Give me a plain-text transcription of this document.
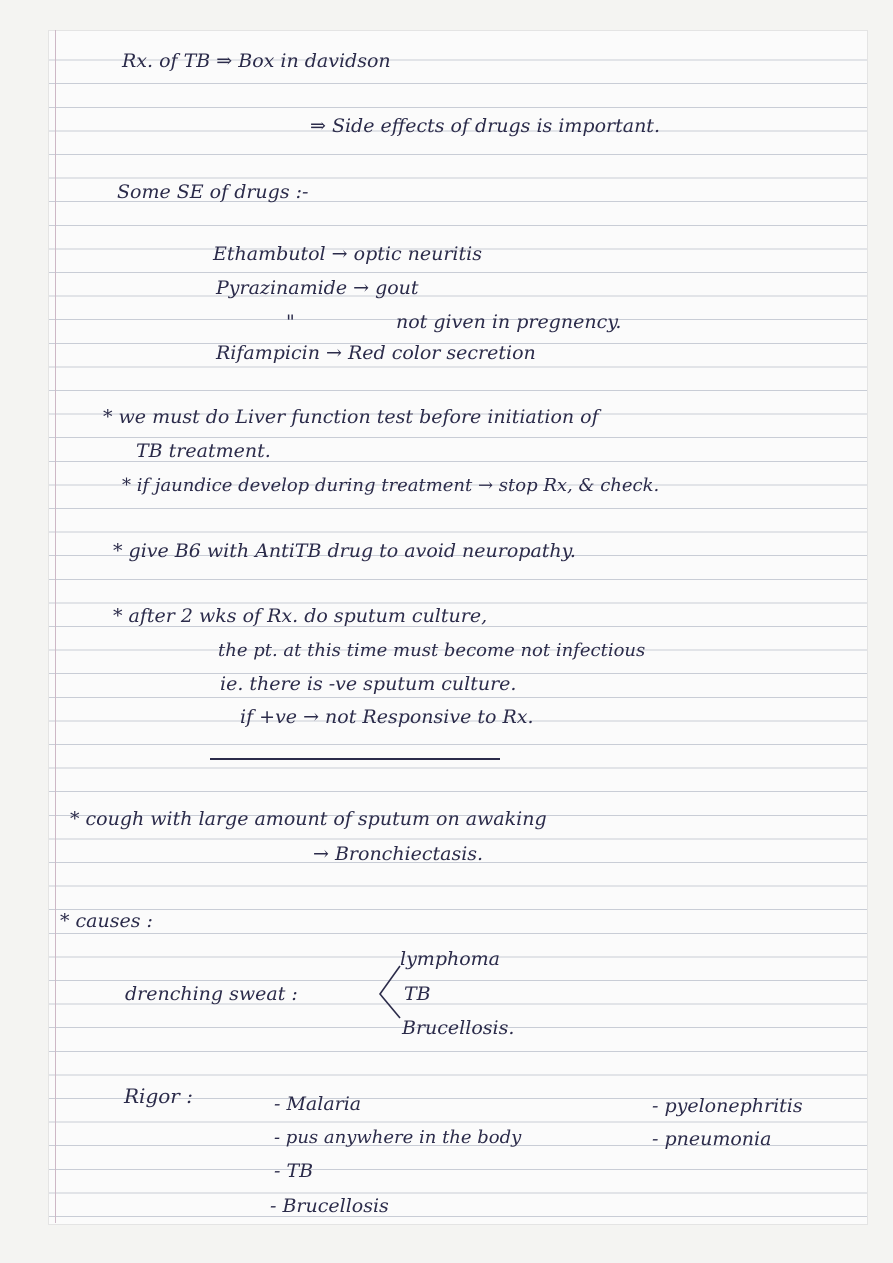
Rx. of TB ⇒ Box in davidson
⇒ Side effects of drugs is important.
Some SE of drugs :-
Ethambutol → optic neuritis
Pyrazinamide → gout
"	not given in pregnency.
Rifampicin → Red color secretion
* we must do Liver function test before initiation of
TB treatment.
* if jaundice develop during treatment → stop Rx, & check.
* give B6 with AntiTB drug to avoid neuropathy.
* after 2 wks of Rx. do sputum culture,
the pt. at this time must become not infectious
ie. there is -ve sputum culture.
if +ve → not Responsive to Rx.
* cough with large amount of sputum on awaking
→ Bronchiectasis.
* causes :
lymphoma
drenching sweat :	TB
Brucellosis.
Rigor :	- Malaria
- pus anywhere in the body
- TB
- Brucellosis
- pyelonephritis
- pneumonia
